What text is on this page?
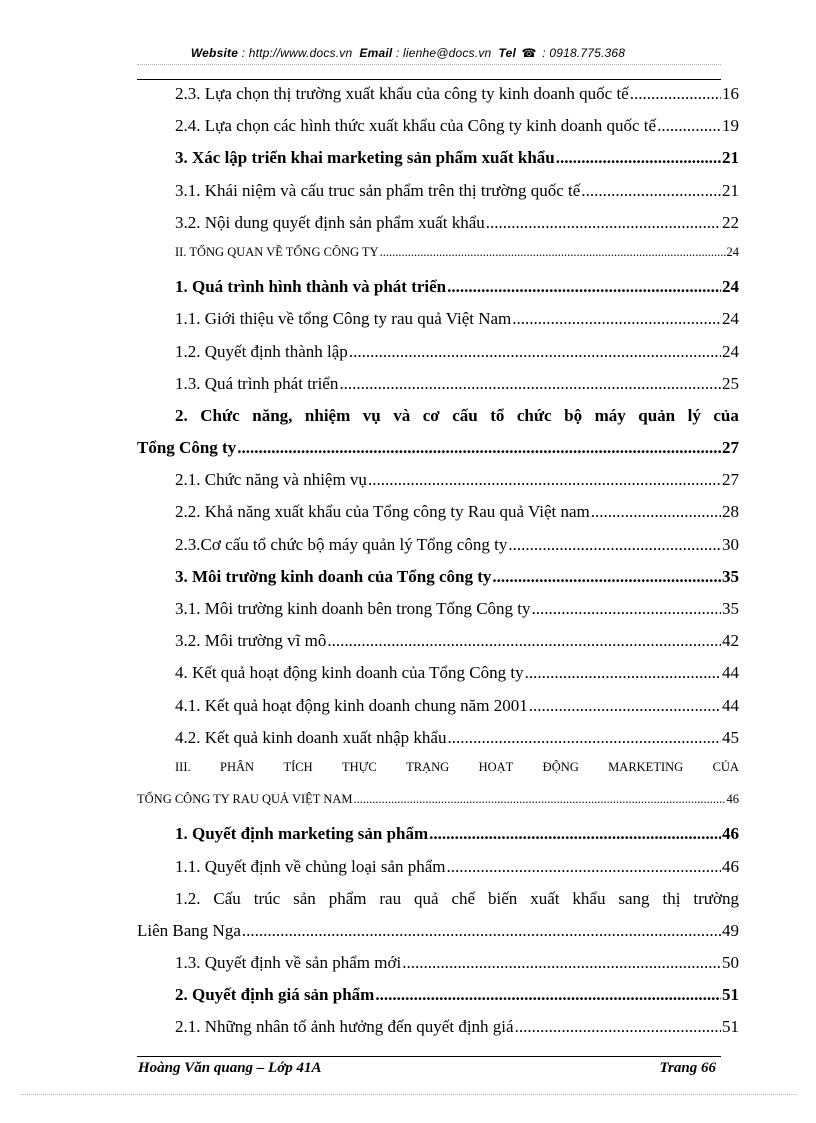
Website : http://www.docs.vn Email : lienhe@docs.vn Tel ☎ : 0918.775.368
2.3. Lựa chọn thị trường xuất khẩu của công ty kinh doanh quốc tế .....	16
2.4. Lựa chọn các hình thức xuất khẩu của Công ty kinh doanh quốc tế .....	19
3. Xác lập triển khai marketing sản phẩm xuất khẩu .....	21
3.1. Khái niệm và cấu truc sản phẩm trên thị trường quốc tế .....	21
3.2. Nội dung quyết định sản phẩm xuất khẩu .....	22
II. TỔNG QUAN VỀ TỔNG CÔNG TY .....	24
1. Quá trình hình thành và phát triển .....	24
1.1. Giới thiệu về tổng Công ty rau quả Việt Nam .....	24
1.2. Quyết định thành lập .....	24
1.3. Quá trình phát triển .....	25
2. Chức năng, nhiệm vụ và cơ cấu tổ chức bộ máy quản lý của
Tổng Công ty .....	27
2.1. Chức năng và nhiệm vụ .....	27
2.2. Khả năng xuất khẩu của Tổng công ty Rau quả Việt nam .....	28
2.3.Cơ cấu tổ chức bộ máy quản lý Tổng công ty .....	30
3. Môi trường kinh doanh của Tổng công ty .....	35
3.1. Môi trường kinh doanh bên trong Tổng Công ty .....	35
3.2. Môi trường vĩ mô .....	42
4. Kết quả hoạt động kinh doanh của Tổng Công ty .....	44
4.1. Kết quả hoạt động kinh doanh chung năm 2001 .....	44
4.2. Kết quả kinh doanh xuất nhập khẩu .....	45
III. PHÂN TÍCH THỰC TRẠNG HOẠT ĐỘNG MARKETING CỦA
TỔNG CÔNG TY RAU QUẢ VIỆT NAM .....	46
1. Quyết định marketing sản phẩm .....	46
1.1. Quyết định về chủng loại sản phẩm .....	46
1.2. Cấu trúc sản phẩm rau quả chế biến xuất khẩu sang thị trường
Liên Bang Nga .....	49
1.3. Quyết định về sản phẩm mới .....	50
2. Quyết định giá sản phẩm .....	51
2.1. Những nhân tố ảnh hưởng đến quyết định giá .....	51
Hoàng Văn quang – Lớp 41A	Trang 66
